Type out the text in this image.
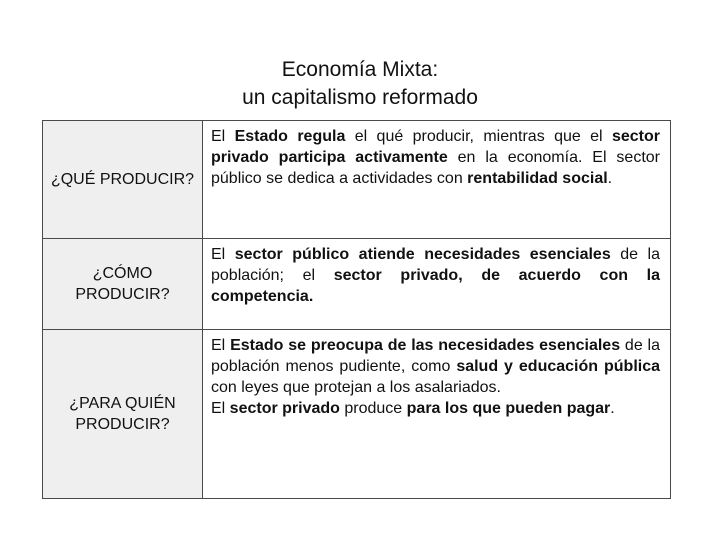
Economía Mixta:
un capitalismo reformado
¿QUÉ PRODUCIR?	El Estado regula el qué producir, mientras que el sector privado participa activamente en la economía. El sector público se dedica a actividades con rentabilidad social.

¿CÓMO PRODUCIR?	El sector público atiende necesidades esenciales de la población; el sector privado, de acuerdo con la competencia.

¿PARA QUIÉN PRODUCIR?	El Estado se preocupa de las necesidades esenciales de la población menos pudiente, como salud y educación pública con leyes que protejan a los asalariados.
El sector privado produce para los que pueden pagar.
